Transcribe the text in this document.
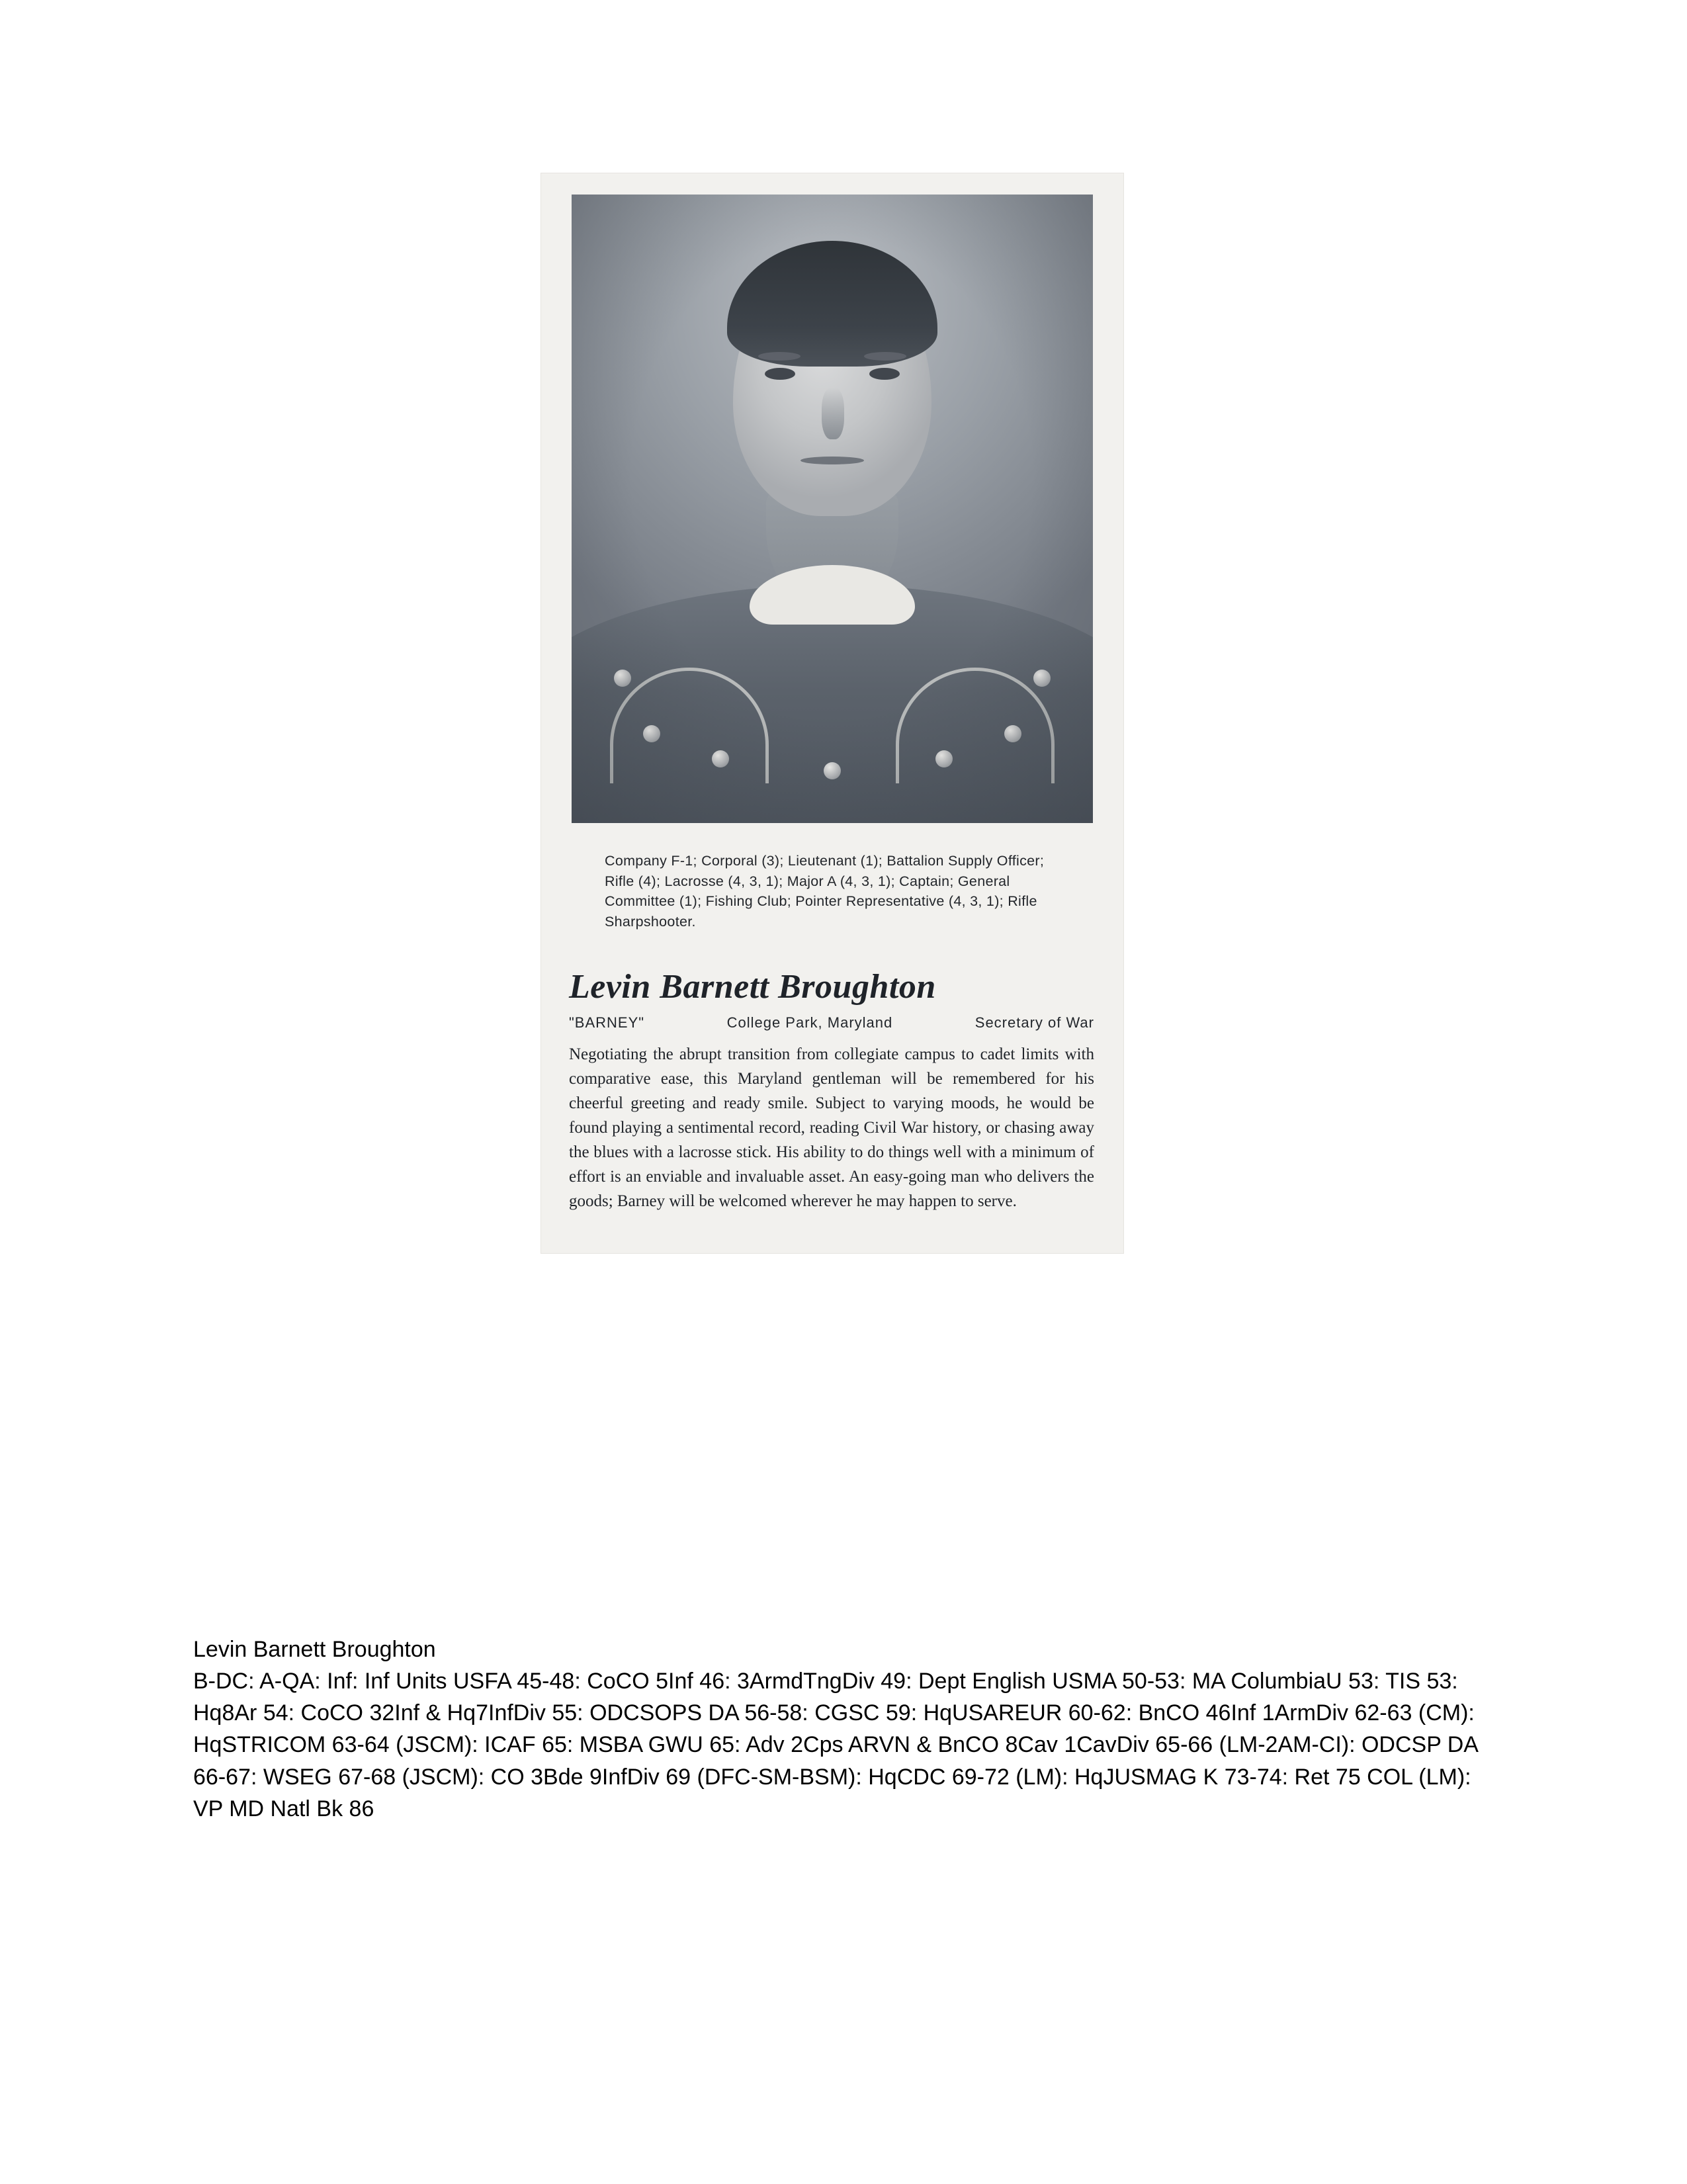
Company F-1; Corporal (3); Lieutenant (1); Battalion Supply Officer; Rifle (4); Lacrosse (4, 3, 1); Major A (4, 3, 1); Captain; General Committee (1); Fishing Club; Pointer Representative (4, 3, 1); Rifle Sharpshooter.
Levin Barnett Broughton
"BARNEY"	College Park, Maryland	Secretary of War
Negotiating the abrupt transition from collegiate campus to cadet limits with comparative ease, this Maryland gentleman will be remembered for his cheerful greeting and ready smile. Subject to varying moods, he would be found playing a sentimental record, reading Civil War history, or chasing away the blues with a lacrosse stick. His ability to do things well with a minimum of effort is an enviable and invaluable asset. An easy-going man who delivers the goods; Barney will be welcomed wherever he may happen to serve.

Levin Barnett Broughton
B-DC: A-QA: Inf: Inf Units USFA 45-48: CoCO 5Inf 46: 3ArmdTngDiv 49: Dept English USMA 50-53: MA ColumbiaU 53: TIS 53: Hq8Ar 54: CoCO 32Inf & Hq7InfDiv 55: ODCSOPS DA 56-58: CGSC 59: HqUSAREUR 60-62: BnCO 46Inf 1ArmDiv 62-63 (CM): HqSTRICOM 63-64 (JSCM): ICAF 65: MSBA GWU 65: Adv 2Cps ARVN & BnCO 8Cav 1CavDiv 65-66 (LM-2AM-CI): ODCSP DA 66-67: WSEG 67-68 (JSCM): CO 3Bde 9InfDiv 69 (DFC-SM-BSM): HqCDC 69-72 (LM): HqJUSMAG K 73-74: Ret 75 COL (LM): VP MD Natl Bk 86
